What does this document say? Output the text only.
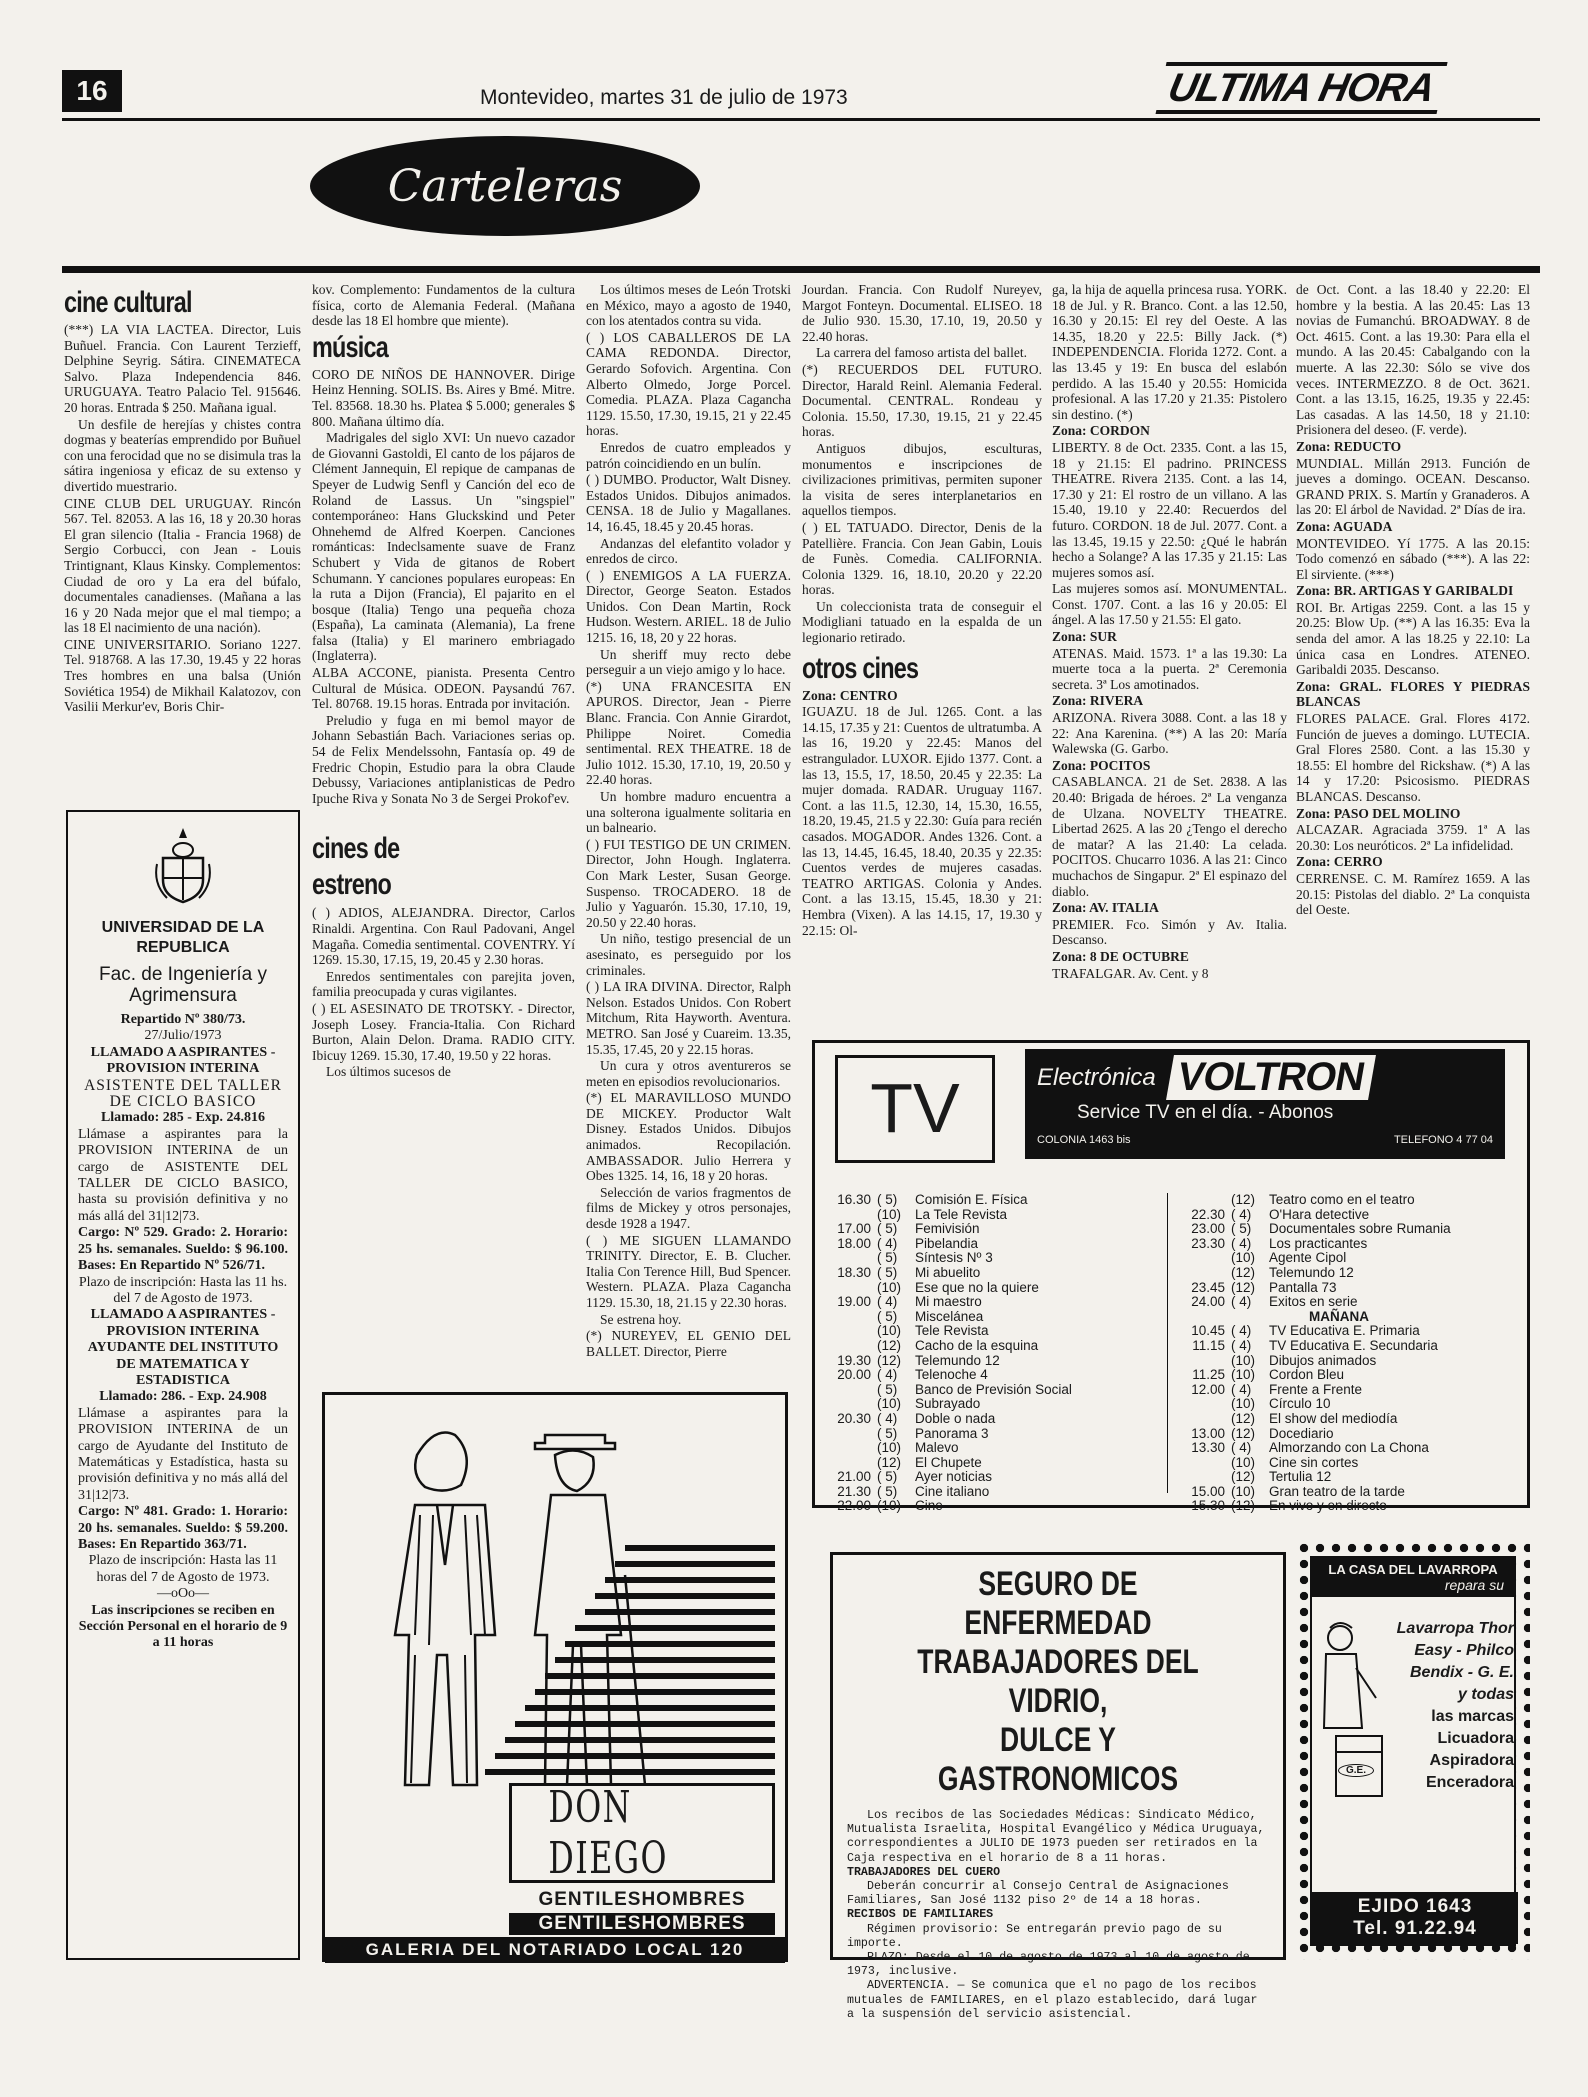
16	Montevideo, martes 31 de julio de 1973	ULTIMA HORA
Carteleras
cine cultural

(***) LA VIA LACTEA. Director, Luis Buñuel. Francia. Con Laurent Terzieff, Delphine Seyrig. Sátira. CINEMATECA Salvo. Plaza Independencia 846. URUGUAYA. Teatro Palacio Tel. 915646. 20 horas. Entrada $ 250. Mañana igual.

Un desfile de herejías y chistes contra dogmas y beaterías emprendido por Buñuel con una ferocidad que no se disimula tras la sátira ingeniosa y eficaz de su extenso y divertido muestrario.

CINE CLUB DEL URUGUAY. Rincón 567. Tel. 82053. A las 16, 18 y 20.30 horas El gran silencio (Italia - Francia 1968) de Sergio Corbucci, con Jean - Louis Trintignant, Klaus Kinsky. Complementos: Ciudad de oro y La era del búfalo, documentales canadienses. (Mañana a las 16 y 20 Nada mejor que el mal tiempo; a las 18 El nacimiento de una nación).

CINE UNIVERSITARIO. Soriano 1227. Tel. 918768. A las 17.30, 19.45 y 22 horas Tres hombres en una balsa (Unión Soviética 1954) de Mikhail Kalatozov, con Vasilii Merkur'ev, Boris Chir-

UNIVERSIDAD DE LA REPUBLICA
Fac. de Ingeniería y Agrimensura
Repartido Nº 380/73.
27/Julio/1973
LLAMADO A ASPIRANTES - PROVISION INTERINA
ASISTENTE DEL TALLER DE CICLO BASICO
Llamado: 285 - Exp. 24.816
Llámase a aspirantes para la PROVISION INTERINA de un cargo de ASISTENTE DEL TALLER DE CICLO BASICO, hasta su provisión definitiva y no más allá del 31|12|73.
Cargo: Nº 529. Grado: 2. Horario: 25 hs. semanales. Sueldo: $ 96.100. Bases: En Repartido Nº 526/71.
Plazo de inscripción: Hasta las 11 hs. del 7 de Agosto de 1973.
LLAMADO A ASPIRANTES - PROVISION INTERINA
AYUDANTE DEL INSTITUTO DE MATEMATICA Y ESTADISTICA
Llamado: 286. - Exp. 24.908
Llámase a aspirantes para la PROVISION INTERINA de un cargo de Ayudante del Instituto de Matemáticas y Estadística, hasta su provisión definitiva y no más allá del 31|12|73.
Cargo: Nº 481. Grado: 1. Horario: 20 hs. semanales. Sueldo: $ 59.200. Bases: En Repartido 363/71.
Plazo de inscripción: Hasta las 11 horas del 7 de Agosto de 1973.
—oOo—
Las inscripciones se reciben en Sección Personal en el horario de 9 a 11 horas

kov. Complemento: Fundamentos de la cultura física, corto de Alemania Federal. (Mañana desde las 18 El hombre que miente).

música

CORO DE NIÑOS DE HANNOVER. Dirige Heinz Henning. SOLIS. Bs. Aires y Bmé. Mitre. Tel. 83568. 18.30 hs. Platea $ 5.000; generales $ 800. Mañana último día.

Madrigales del siglo XVI: Un nuevo cazador de Giovanni Gastoldi, El canto de los pájaros de Clément Jannequin, El repique de campanas de Speyer de Ludwig Senfl y Canción del eco de Roland de Lassus. Un "singspiel" contemporáneo: Hans Gluckskind und Peter Ohnehemd de Alfred Koerpen. Canciones románticas: Indeclsamente suave de Franz Schubert y Vida de gitanos de Robert Schumann. Y canciones populares europeas: En la ruta a Dijon (Francia), El pajarito en el bosque (Italia) Tengo una pequeña choza (España), La caminata (Alemania), La frene falsa (Italia) y El marinero embriagado (Inglaterra).

ALBA ACCONE, pianista. Presenta Centro Cultural de Música. ODEON. Paysandú 767. Tel. 80768. 19.15 horas. Entrada por invitación.

Preludio y fuga en mi bemol mayor de Johann Sebastián Bach. Variaciones serias op. 54 de Felix Mendelssohn, Fantasía op. 49 de Fredric Chopin, Estudio para la obra Claude Debussy, Variaciones antiplanisticas de Pedro Ipuche Riva y Sonata No 3 de Sergei Prokof'ev.

cines de
estreno

( ) ADIOS, ALEJANDRA. Director, Carlos Rinaldi. Argentina. Con Raul Padovani, Angel Magaña. Comedia sentimental. COVENTRY. Yí 1269. 15.30, 17.15, 19, 20.45 y 2.30 horas.

Enredos sentimentales con parejita joven, familia preocupada y curas vigilantes.

( ) EL ASESINATO DE TROTSKY. - Director, Joseph Losey. Francia-Italia. Con Richard Burton, Alain Delon. Drama. RADIO CITY. Ibicuy 1269. 15.30, 17.40, 19.50 y 22 horas.

Los últimos sucesos de

Los últimos meses de León Trotski en México, mayo a agosto de 1940, con los atentados contra su vida.

( ) LOS CABALLEROS DE LA CAMA REDONDA. Director, Gerardo Sofovich. Argentina. Con Alberto Olmedo, Jorge Porcel. Comedia. PLAZA. Plaza Cagancha 1129. 15.50, 17.30, 19.15, 21 y 22.45 horas.

Enredos de cuatro empleados y patrón coincidiendo en un bulín.

( ) DUMBO. Productor, Walt Disney. Estados Unidos. Dibujos animados. CENSA. 18 de Julio y Magallanes. 14, 16.45, 18.45 y 20.45 horas.

Andanzas del elefantito volador y enredos de circo.

( ) ENEMIGOS A LA FUERZA. Director, George Seaton. Estados Unidos. Con Dean Martin, Rock Hudson. Western. ARIEL. 18 de Julio 1215. 16, 18, 20 y 22 horas.

Un sheriff muy recto debe perseguir a un viejo amigo y lo hace.

(*) UNA FRANCESITA EN APUROS. Director, Jean - Pierre Blanc. Francia. Con Annie Girardot, Philippe Noiret. Comedia sentimental. REX THEATRE. 18 de Julio 1012. 15.30, 17.10, 19, 20.50 y 22.40 horas.

Un hombre maduro encuentra a una solterona igualmente solitaria en un balneario.

( ) FUI TESTIGO DE UN CRIMEN. Director, John Hough. Inglaterra. Con Mark Lester, Susan George. Suspenso. TROCADERO. 18 de Julio y Yaguarón. 15.30, 17.10, 19, 20.50 y 22.40 horas.

Un niño, testigo presencial de un asesinato, es perseguido por los criminales.

( ) LA IRA DIVINA. Director, Ralph Nelson. Estados Unidos. Con Robert Mitchum, Rita Hayworth. Aventura. METRO. San José y Cuareim. 13.35, 15.35, 17.45, 20 y 22.15 horas.

Un cura y otros aventureros se meten en episodios revolucionarios.

(*) EL MARAVILLOSO MUNDO DE MICKEY. Productor Walt Disney. Estados Unidos. Dibujos animados. Recopilación. AMBASSADOR. Julio Herrera y Obes 1325. 14, 16, 18 y 20 horas.

Selección de varios fragmentos de films de Mickey y otros personajes, desde 1928 a 1947.

( ) ME SIGUEN LLAMANDO TRINITY. Director, E. B. Clucher. Italia Con Terence Hill, Bud Spencer. Western. PLAZA. Plaza Cagancha 1129. 15.30, 18, 21.15 y 22.30 horas.

Se estrena hoy.

(*) NUREYEV, EL GENIO DEL BALLET. Director, Pierre

Jourdan. Francia. Con Rudolf Nureyev, Margot Fonteyn. Documental. ELISEO. 18 de Julio 930. 15.30, 17.10, 19, 20.50 y 22.40 horas.

La carrera del famoso artista del ballet.

(*) RECUERDOS DEL FUTURO. Director, Harald Reinl. Alemania Federal. Documental. CENTRAL. Rondeau y Colonia. 15.50, 17.30, 19.15, 21 y 22.45 horas.

Antiguos dibujos, esculturas, monumentos e inscripciones de civilizaciones primitivas, permiten suponer la visita de seres interplanetarios en aquellos tiempos.

( ) EL TATUADO. Director, Denis de la Patellière. Francia. Con Jean Gabin, Louis de Funès. Comedia. CALIFORNIA. Colonia 1329. 16, 18.10, 20.20 y 22.20 horas.

Un coleccionista trata de conseguir el Modigliani tatuado en la espalda de un legionario retirado.

otros cines

Zona: CENTRO

IGUAZU. 18 de Jul. 1265. Cont. a las 14.15, 17.35 y 21: Cuentos de ultratumba. A las 16, 19.20 y 22.45: Manos del estrangulador. LUXOR. Ejido 1377. Cont. a las 13, 15.5, 17, 18.50, 20.45 y 22.35: La mujer domada. RADAR. Uruguay 1167. Cont. a las 11.5, 12.30, 14, 15.30, 16.55, 18.20, 19.45, 21.5 y 22.30: Guía para recién casados. MOGADOR. Andes 1326. Cont. a las 13, 14.45, 16.45, 18.40, 20.35 y 22.35: Cuentos verdes de mujeres casadas. TEATRO ARTIGAS. Colonia y Andes. Cont. a las 13.15, 15.45, 18.30 y 21: Hembra (Vixen). A las 14.15, 17, 19.30 y 22.15: Ol-

ga, la hija de aquella princesa rusa. YORK. 18 de Jul. y R. Branco. Cont. a las 12.50, 16.30 y 20.15: El rey del Oeste. A las 14.35, 18.20 y 22.5: Billy Jack. (*) INDEPENDENCIA. Florida 1272. Cont. a las 13.45 y 19: En busca del eslabón perdido. A las 15.40 y 20.55: Homicida profesional. A las 17.20 y 21.35: Pistolero sin destino. (*)

Zona: CORDON

LIBERTY. 8 de Oct. 2335. Cont. a las 15, 18 y 21.15: El padrino. PRINCESS THEATRE. Rivera 2135. Cont. a las 14, 17.30 y 21: El rostro de un villano. A las 15.40, 19.10 y 22.40: Recuerdos del futuro. CORDON. 18 de Jul. 2077. Cont. a las 13.45, 19.15 y 22.50: ¿Qué le habrán hecho a Solange? A las 17.35 y 21.15: Las mujeres somos así.

Las mujeres somos así. MONUMENTAL. Const. 1707. Cont. a las 16 y 20.05: El ángel. A las 17.50 y 21.55: El gato.

Zona: SUR

ATENAS. Maid. 1573. 1ª a las 19.30: La muerte toca a la puerta. 2ª Ceremonia secreta. 3ª Los amotinados.

Zona: RIVERA

ARIZONA. Rivera 3088. Cont. a las 18 y 22: Ana Karenina. (**) A las 20: María Walewska (G. Garbo.

Zona: POCITOS

CASABLANCA. 21 de Set. 2838. A las 20.40: Brigada de héroes. 2ª La venganza de Ulzana. NOVELTY THEATRE. Libertad 2625. A las 20 ¿Tengo el derecho de matar? A las 21.40: La celada. POCITOS. Chucarro 1036. A las 21: Cinco muchachos de Singapur. 2ª El espinazo del diablo.

Zona: AV. ITALIA

PREMIER. Fco. Simón y Av. Italia. Descanso.

Zona: 8 DE OCTUBRE

TRAFALGAR. Av. Cent. y 8

de Oct. Cont. a las 18.40 y 22.20: El hombre y la bestia. A las 20.45: Las 13 novias de Fumanchú. BROADWAY. 8 de Oct. 4615. Cont. a las 19.30: Para ella el mundo. A las 20.45: Cabalgando con la muerte. A las 22.30: Sólo se vive dos veces. INTERMEZZO. 8 de Oct. 3621. Cont. a las 13.15, 16.25, 19.35 y 22.45: Las casadas. A las 14.50, 18 y 21.10: Prisionera del deseo. (F. verde).

Zona: REDUCTO

MUNDIAL. Millán 2913. Función de jueves a domingo. OCEAN. Descanso. GRAND PRIX. S. Martín y Granaderos. A las 20: El árbol de Navidad. 2ª Días de ira.

Zona: AGUADA

MONTEVIDEO. Yí 1775. A las 20.15: Todo comenzó en sábado (***). A las 22: El sirviente. (***)

Zona: BR. ARTIGAS Y GARIBALDI

ROI. Br. Artigas 2259. Cont. a las 15 y 20.25: Blow Up. (**) A las 16.35: Eva la senda del amor. A las 18.25 y 22.10: La única casa en Londres. ATENEO. Garibaldi 2035. Descanso.

Zona: GRAL. FLORES Y PIEDRAS BLANCAS

FLORES PALACE. Gral. Flores 4172. Función de jueves a domingo. LUTECIA. Gral Flores 2580. Cont. a las 15.30 y 18.55: El hombre del Rickshaw. (*) A las 14 y 17.20: Psicosismo. PIEDRAS BLANCAS. Descanso.

Zona: PASO DEL MOLINO

ALCAZAR. Agraciada 3759. 1ª A las 20.30: Los neuróticos. 2ª La infidelidad.

Zona: CERRO

CERRENSE. C. M. Ramírez 1659. A las 20.15: Pistolas del diablo. 2ª La conquista del Oeste.

TV	Electrónica VOLTRON
Service TV en el día. - Abonos
COLONIA 1463 bis	TELEFONO 4 77 04
16.30 ( 5)	Comisión E. Física
(10)	La Tele Revista
17.00 ( 5)	Femivisión
18.00 ( 4)	Pibelandia
( 5)	Síntesis Nº 3
18.30 ( 5)	Mi abuelito
(10)	Ese que no la quiere
19.00 ( 4)	Mi maestro
( 5)	Miscelánea
(10)	Tele Revista
(12)	Cacho de la esquina
19.30 (12)	Telemundo 12
20.00 ( 4)	Telenoche 4
( 5)	Banco de Previsión Social
(10)	Subrayado
20.30 ( 4)	Doble o nada
( 5)	Panorama 3
(10)	Malevo
(12)	El Chupete
21.00 ( 5)	Ayer noticias
21.30 ( 5)	Cine italiano
22.00 (10)	Cine
(12)	Teatro como en el teatro
22.30 ( 4)	O'Hara detective
23.00 ( 5)	Documentales sobre Rumania
23.30 ( 4)	Los practicantes
(10)	Agente Cipol
(12)	Telemundo 12
23.45 (12)	Pantalla 73
24.00 ( 4)	Exitos en serie
MAÑANA
10.45 ( 4)	TV Educativa E. Primaria
11.15 ( 4)	TV Educativa E. Secundaria
(10)	Dibujos animados
11.25 (10)	Cordon Bleu
12.00 ( 4)	Frente a Frente
(10)	Círculo 10
(12)	El show del mediodía
13.00 (12)	Docediario
13.30 ( 4)	Almorzando con La Chona
(10)	Cine sin cortes
(12)	Tertulia 12
15.00 (10)	Gran teatro de la tarde
15.30 (12)	En vivo y en directo
DON DIEGO
GENTILESHOMBRES
GENTILESHOMBRES
GALERIA DEL NOTARIADO LOCAL 120
SEGURO DE ENFERMEDAD
TRABAJADORES DEL VIDRIO,
DULCE Y GASTRONOMICOS
Los recibos de las Sociedades Médicas: Sindicato Médico, Mutualista Israelita, Hospital Evangélico y Médica Uruguaya, correspondientes a JULIO DE 1973 pueden ser retirados en la Caja respectiva en el horario de 8 a 11 horas.
TRABAJADORES DEL CUERO
Deberán concurrir al Consejo Central de Asignaciones Familiares, San José 1132 piso 2º de 14 a 18 horas.
RECIBOS DE FAMILIARES
Régimen provisorio: Se entregarán previo pago de su importe.
PLAZO: Desde el 10 de agosto de 1973 al 10 de agosto de 1973, inclusive.
ADVERTENCIA. — Se comunica que el no pago de los recibos mutuales de FAMILIARES, en el plazo establecido, dará lugar a la suspensión del servicio asistencial.
LA CASA DEL LAVARROPA
repara su
G.E.
Lavarropa Thor
Easy - Philco
Bendix - G. E.
y todas
las marcas
Licuadora
Aspiradora
Enceradora
EJIDO 1643
Tel. 91.22.94
